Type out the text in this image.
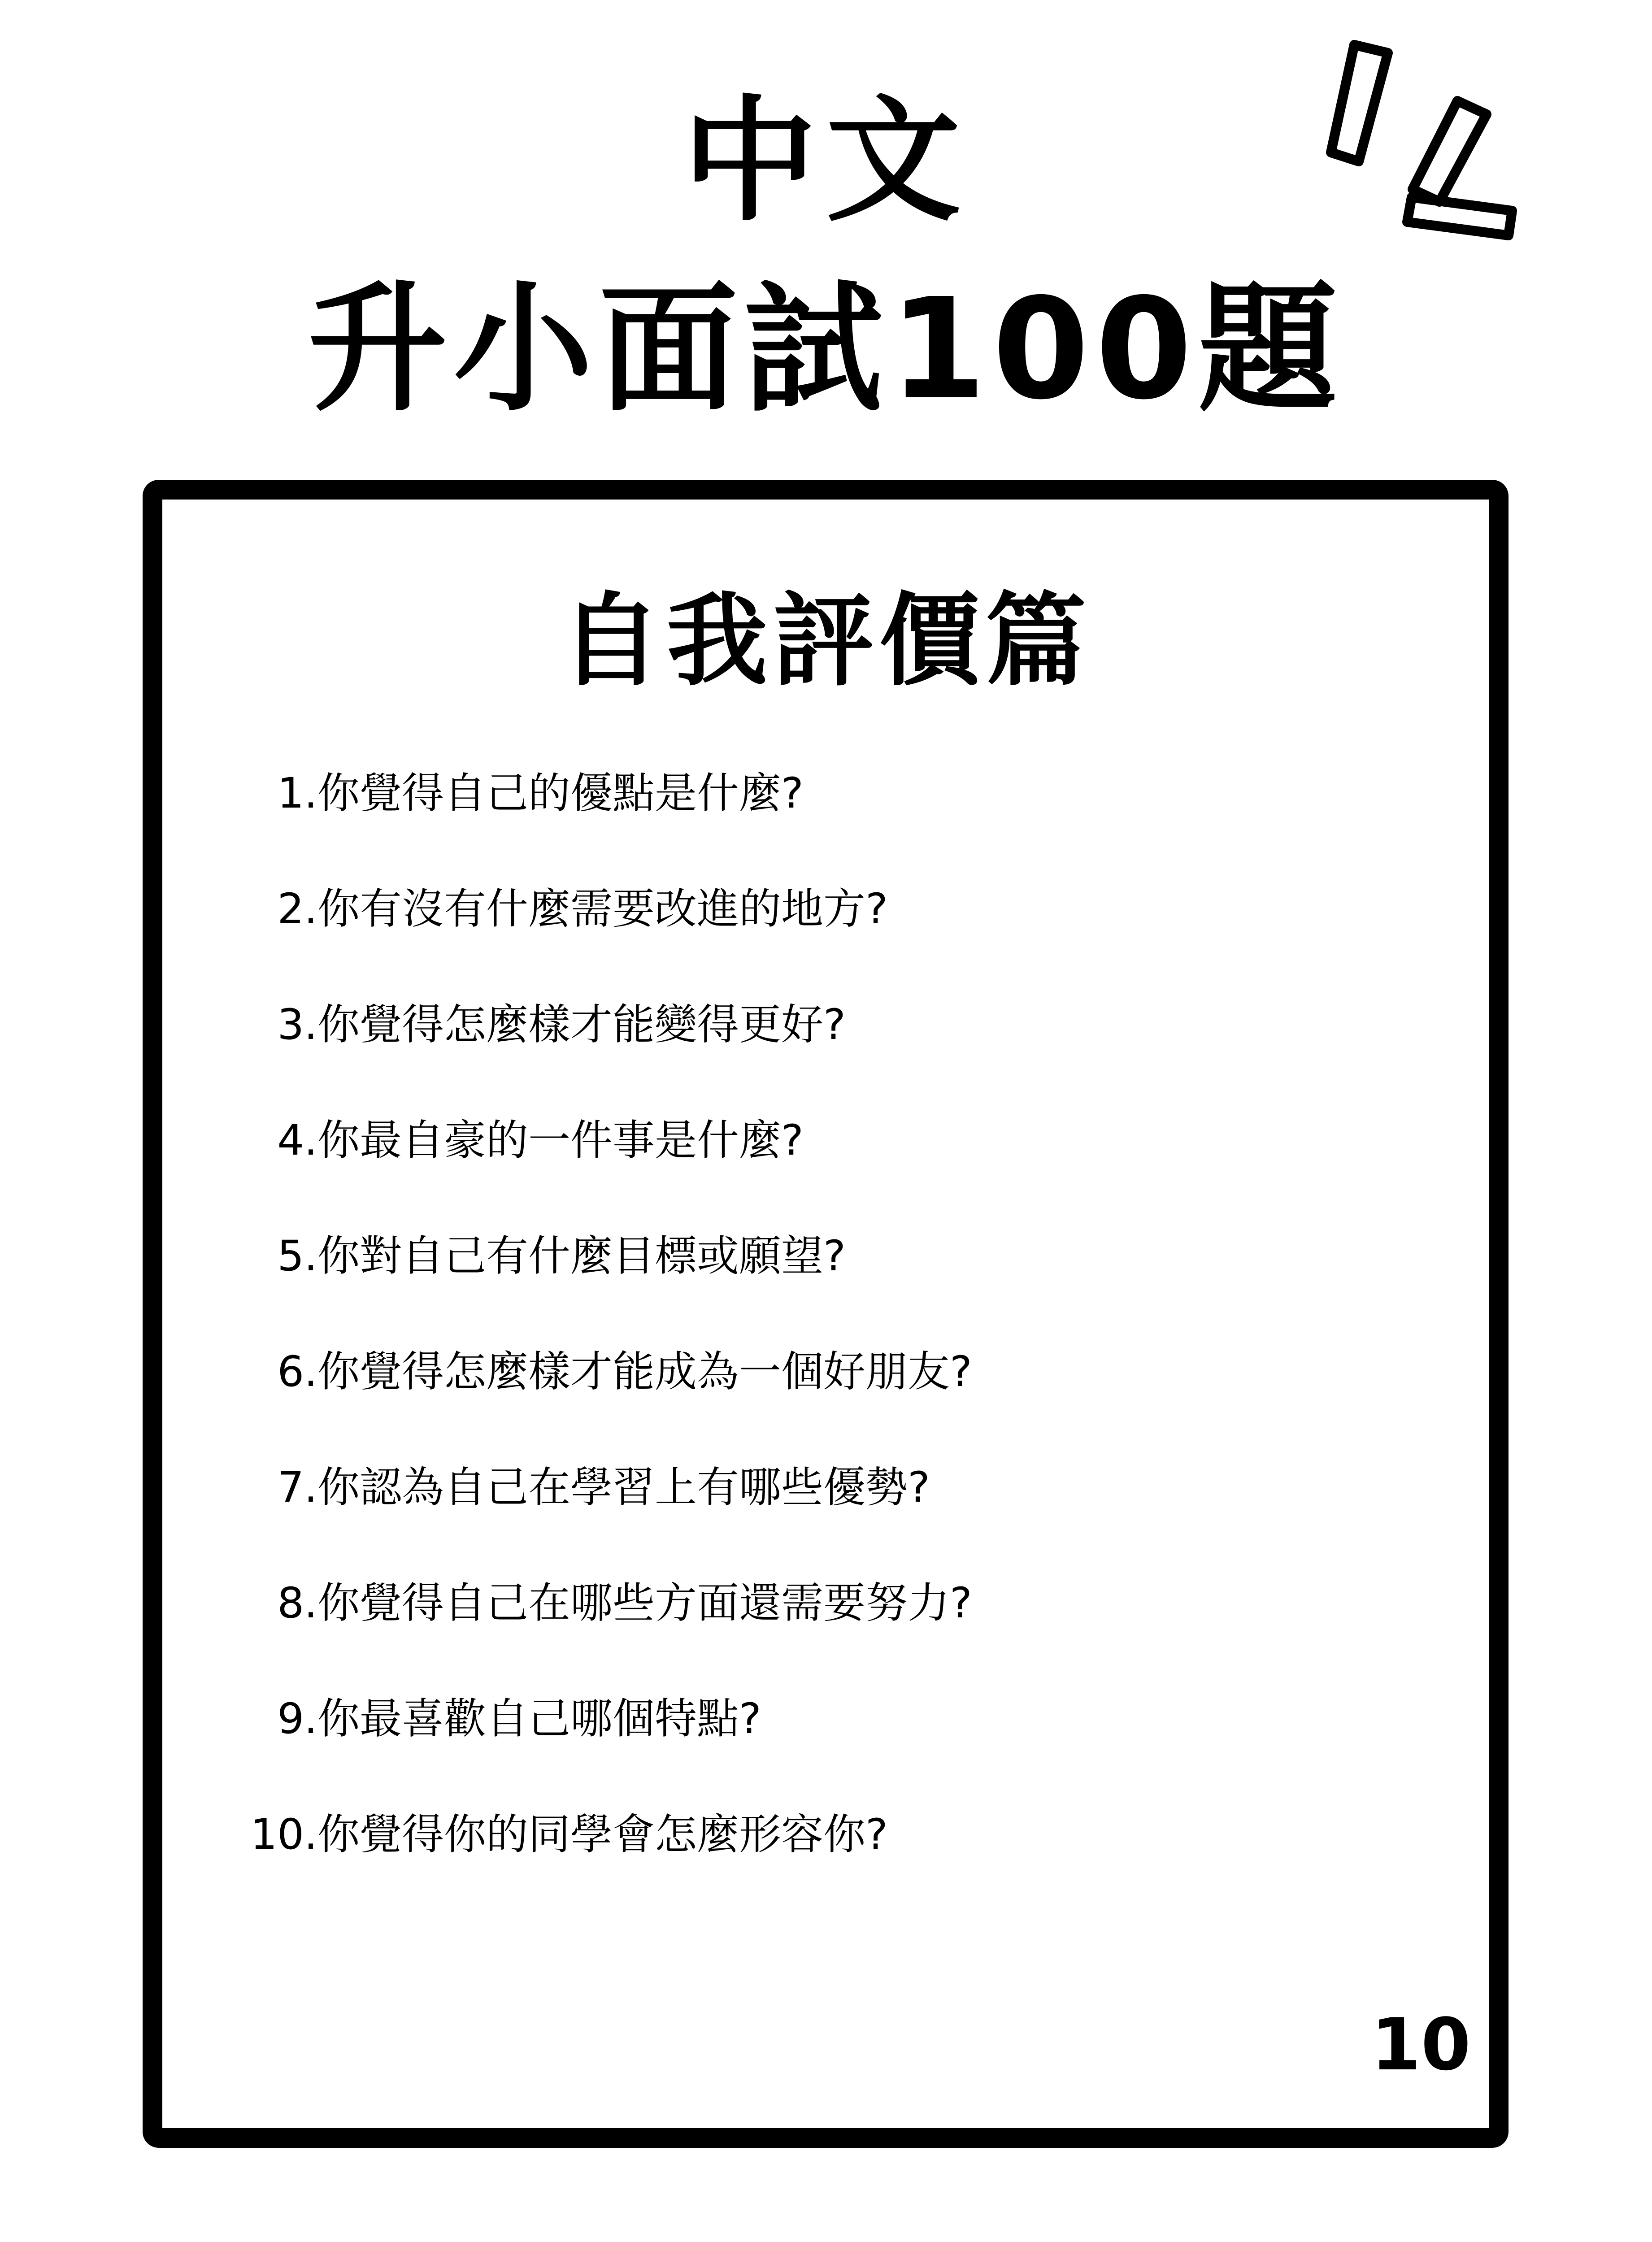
中文
升小面試100題
自我評價篇
1. 你覺得自己的優點是什麼?
2. 你有沒有什麼需要改進的地方?
3. 你覺得怎麼樣才能變得更好?
4. 你最自豪的一件事是什麼?
5. 你對自己有什麼目標或願望?
6. 你覺得怎麼樣才能成為一個好朋友?
7. 你認為自己在學習上有哪些優勢?
8. 你覺得自己在哪些方面還需要努力?
9. 你最喜歡自己哪個特點?
10. 你覺得你的同學會怎麼形容你?
10
